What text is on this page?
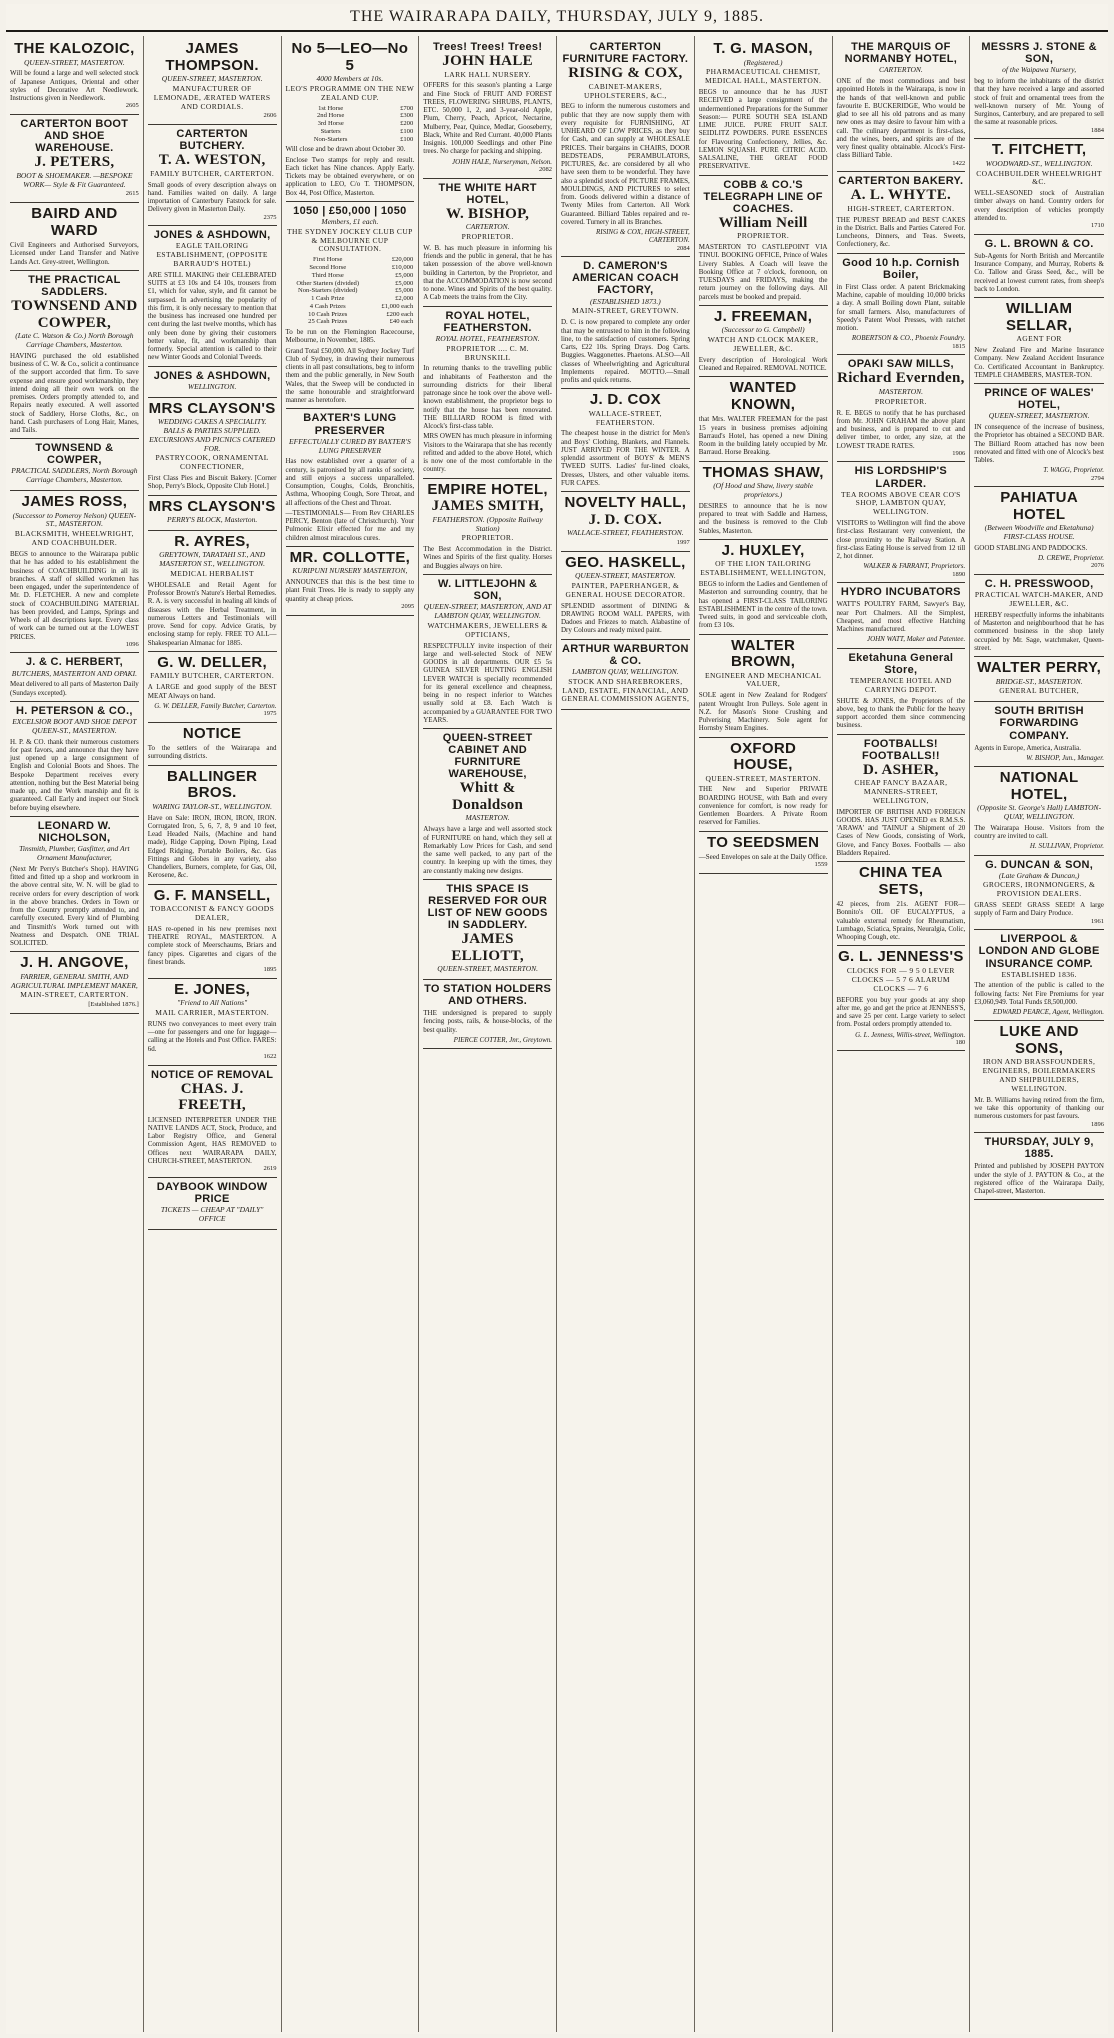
THE WAIRARAPA DAILY, THURSDAY, JULY 9, 1885.
THE KALOZOIC,
QUEEN-STREET, MASTERTON.
Will be found a large and well selected stock of Japanese Antiques, Oriental and other styles of Decorative Art Needlework. Instructions given in Needlework.
2605
CARTERTON BOOT AND SHOE WAREHOUSE.
J. PETERS,
BOOT & SHOEMAKER. —BESPOKE WORK— Style & Fit Guaranteed.
2615
BAIRD AND WARD
Civil Engineers and Authorised Surveyors, Licensed under Land Transfer and Native Lands Act. Grey-street, Wellington.
THE PRACTICAL SADDLERS.
TOWNSEND AND COWPER,
(Late C. Watson & Co.) North Borough Carriage Chambers, Masterton.
HAVING purchased the old established business of C. W. & Co., solicit a continuance of the support accorded that firm. To save expense and ensure good workmanship, they intend doing all their own work on the premises. Orders promptly attended to, and Repairs neatly executed. A well assorted stock of Saddlery, Horse Cloths, &c., on hand. Cash purchasers of Long Hair, Manes, and Tails.
TOWNSEND & COWPER,
PRACTICAL SADDLERS, North Borough Carriage Chambers, Masterton.
JAMES ROSS,
(Successor to Pomeroy Nelson) QUEEN-ST., MASTERTON.
BLACKSMITH, WHEELWRIGHT, AND COACHBUILDER.
BEGS to announce to the Wairarapa public that he has added to his establishment the business of COACHBUILDING in all its branches. A staff of skilled workmen has been engaged, under the superintendence of Mr. D. FLETCHER. A new and complete stock of COACHBUILDING MATERIAL has been provided, and Lamps, Springs and Wheels of all descriptions kept. Every class of work can be turned out at the LOWEST PRICES.
1096
J. & C. HERBERT,
BUTCHERS, MASTERTON AND OPAKI.
Meat delivered to all parts of Masterton Daily (Sundays excepted).
H. PETERSON & CO.,
EXCELSIOR BOOT AND SHOE DEPOT QUEEN-ST., MASTERTON.
H. P. & CO. thank their numerous customers for past favors, and announce that they have just opened up a large consignment of English and Colonial Boots and Shoes. The Bespoke Department receives every attention, nothing but the Best Material being made up, and the Work manship and fit is guaranteed. Call Early and inspect our Stock before buying elsewhere.
LEONARD W. NICHOLSON,
Tinsmith, Plumber, Gasfitter, and Art Ornament Manufacturer,
(Next Mr Perry's Butcher's Shop). HAVING fitted and fitted up a shop and workroom in the above central site, W. N. will be glad to receive orders for every description of work in the above branches. Orders in Town or from the Country promptly attended to, and carefully executed. Every kind of Plumbing and Tinsmith's Work turned out with Neatness and Despatch. ONE TRIAL SOLICITED.
J. H. ANGOVE,
FARRIER, GENERAL SMITH, AND AGRICULTURAL IMPLEMENT MAKER,
MAIN-STREET, CARTERTON.
[Established 1876.]
JAMES THOMPSON.
QUEEN-STREET, MASTERTON.
MANUFACTURER OF LEMONADE, ÆRATED WATERS AND CORDIALS.
2606
CARTERTON BUTCHERY.
T. A. WESTON,
FAMILY BUTCHER, CARTERTON.
Small goods of every description always on hand. Families waited on daily. A large importation of Canterbury Fatstock for sale. Delivery given in Masterton Daily.
2375
JONES & ASHDOWN,
EAGLE TAILORING ESTABLISHMENT, (OPPOSITE BARRAUD'S HOTEL)
ARE STILL MAKING their CELEBRATED SUITS at £3 10s and £4 10s, trousers from £1, which for value, style, and fit cannot be surpassed. In advertising the popularity of this firm, it is only necessary to mention that the business has increased one hundred per cent during the last twelve months, which has only been done by giving their customers better value, fit, and workmanship than formerly. Special attention is called to their new Winter Goods and Colonial Tweeds.
JONES & ASHDOWN,
WELLINGTON.
MRS CLAYSON'S
WEDDING CAKES A SPECIALITY. BALLS & PARTIES SUPPLIED. EXCURSIONS AND PICNICS CATERED FOR.
PASTRYCOOK, ORNAMENTAL CONFECTIONER,
First Class Pies and Biscuit Bakery. [Corner Shop, Perry's Block, Opposite Club Hotel.]
MRS CLAYSON'S
PERRY'S BLOCK, Masterton.
R. AYRES,
GREYTOWN, TARATAHI ST., AND MASTERTON ST., WELLINGTON.
MEDICAL HERBALIST
WHOLESALE and Retail Agent for Professor Brown's Nature's Herbal Remedies. R. A. is very successful in healing all kinds of diseases with the Herbal Treatment, in numerous Letters and Testimonials will prove. Send for copy. Advice Gratis, by enclosing stamp for reply. FREE TO ALL—Shakespearian Almanac for 1885.
G. W. DELLER,
FAMILY BUTCHER, CARTERTON.
A LARGE and good supply of the BEST MEAT Always on hand.
G. W. DELLER, Family Butcher, Carterton.
1975
NOTICE
To the settlers of the Wairarapa and surrounding districts.
BALLINGER BROS.
WARING TAYLOR-ST., WELLINGTON.
Have on Sale: IRON, IRON, IRON, IRON. Corrugated Iron, 5, 6, 7, 8, 9 and 10 feet, Lead Headed Nails, (Machine and hand made), Ridge Capping, Down Piping, Lead Edged Ridging, Portable Boilers, &c. Gas Fittings and Globes in any variety, also Chandeliers, Burners, complete, for Gas, Oil, Kerosene, &c.
G. F. MANSELL,
TOBACCONIST & FANCY GOODS DEALER,
HAS re-opened in his new premises next THEATRE ROYAL, MASTERTON. A complete stock of Meerschaums, Briars and fancy pipes. Cigarettes and cigars of the finest brands.
1895
E. JONES,
"Friend to All Nations"
MAIL CARRIER, MASTERTON.
RUNS two conveyances to meet every train—one for passengers and one for luggage—calling at the Hotels and Post Office. FARES: 6d.
1622
NOTICE OF REMOVAL
CHAS. J. FREETH,
LICENSED INTERPRETER UNDER THE NATIVE LANDS ACT, Stock, Produce, and Labor Registry Office, and General Commission Agent, HAS REMOVED to Offices next WAIRARAPA DAILY, CHURCH-STREET, MASTERTON.
2619
DAYBOOK WINDOW PRICE
TICKETS — CHEAP AT "DAILY" OFFICE
No 5—LEO—No 5
4000 Members at 10s.
LEO'S PROGRAMME ON THE NEW ZEALAND CUP.
1st Horse	£700
2nd Horse	£300
3rd Horse	£200
Starters	£100
Non-Starters	£100
Will close and be drawn about October 30.
Enclose Two stamps for reply and result. Each ticket has Nine chances. Apply Early. Tickets may be obtained everywhere, or on application to LEO, C/o T. THOMPSON, Box 44, Post Office, Masterton.
1050 | £50,000 | 1050
Members, £1 each.
THE SYDNEY JOCKEY CLUB CUP & MELBOURNE CUP CONSULTATION.
First Horse	£20,000
Second Horse	£10,000
Third Horse	£5,000
Other Starters (divided)	£5,000
Non-Starters (divided)	£5,000
1 Cash Prize	£2,000
4 Cash Prizes	£1,000 each
10 Cash Prizes	£200 each
25 Cash Prizes	£40 each
To be run on the Flemington Racecourse, Melbourne, in November, 1885.
Grand Total £50,000. All Sydney Jockey Turf Club of Sydney, in drawing their numerous clients in all past consultations, beg to inform them and the public generally, in New South Wales, that the Sweep will be conducted in the same honourable and straightforward manner as heretofore.
BAXTER'S LUNG PRESERVER
EFFECTUALLY CURED BY BAXTER'S LUNG PRESERVER
Has now established over a quarter of a century, is patronised by all ranks of society, and still enjoys a success unparalleled. Consumption, Coughs, Colds, Bronchitis, Asthma, Whooping Cough, Sore Throat, and all affections of the Chest and Throat.
—TESTIMONIALS— From Rev CHARLES PERCY, Benton (late of Christchurch). Your Pulmonic Elixir effected for me and my children almost miraculous cures.
MR. COLLOTTE,
KURIPUNI NURSERY MASTERTON,
ANNOUNCES that this is the best time to plant Fruit Trees. He is ready to supply any quantity at cheap prices.
2095
Trees! Trees! Trees!
JOHN HALE
LARK HALL NURSERY.
OFFERS for this season's planting a Large and Fine Stock of FRUIT AND FOREST TREES, FLOWERING SHRUBS, PLANTS, ETC. 50,000 1, 2, and 3-year-old Apple, Plum, Cherry, Peach, Apricot, Nectarine, Mulberry, Pear, Quince, Medlar, Gooseberry, Black, White and Red Currant. 40,000 Plants Insignis. 100,000 Seedlings and other Pine trees. No charge for packing and shipping.
JOHN HALE, Nurseryman, Nelson.
2082
THE WHITE HART HOTEL,
W. BISHOP,
CARTERTON.
PROPRIETOR.
W. B. has much pleasure in informing his friends and the public in general, that he has taken possession of the above well-known building in Carterton, by the Proprietor, and that the ACCOMMODATION is now second to none. Wines and Spirits of the best quality. A Cab meets the trains from the City.
ROYAL HOTEL, FEATHERSTON.
ROYAL HOTEL, FEATHERSTON.
PROPRIETOR .... C. M. BRUNSKILL
In returning thanks to the travelling public and inhabitants of Featherston and the surrounding districts for their liberal patronage since he took over the above well-known establishment, the proprietor begs to notify that the house has been renovated. THE BILLIARD ROOM is fitted with Alcock's first-class table.
MRS OWEN has much pleasure in informing Visitors to the Wairarapa that she has recently refitted and added to the above Hotel, which is now one of the most comfortable in the country.
EMPIRE HOTEL,
JAMES SMITH,
FEATHERSTON. (Opposite Railway Station)
PROPRIETOR.
The Best Accommodation in the District. Wines and Spirits of the first quality. Horses and Buggies always on hire.
W. LITTLEJOHN & SON,
QUEEN-STREET, MASTERTON, AND AT LAMBTON QUAY, WELLINGTON.
WATCHMAKERS, JEWELLERS & OPTICIANS,
RESPECTFULLY invite inspection of their large and well-selected Stock of NEW GOODS in all departments. OUR £5 5s GUINEA SILVER HUNTING ENGLISH LEVER WATCH is specially recommended for its general excellence and cheapness, being in no respect inferior to Watches usually sold at £8. Each Watch is accompanied by a GUARANTEE FOR TWO YEARS.
QUEEN-STREET CABINET AND FURNITURE WAREHOUSE,
Whitt & Donaldson
MASTERTON.
Always have a large and well assorted stock of FURNITURE on hand, which they sell at Remarkably Low Prices for Cash, and send the same well packed, to any part of the country. In keeping up with the times, they are constantly making new designs.
THIS SPACE IS RESERVED FOR OUR LIST OF NEW GOODS IN SADDLERY.
JAMES ELLIOTT,
QUEEN-STREET, MASTERTON.
TO STATION HOLDERS AND OTHERS.
THE undersigned is prepared to supply fencing posts, rails, & house-blocks, of the best quality.
PIERCE COTTER, Jnr., Greytown.
CARTERTON FURNITURE FACTORY.
RISING & COX,
CABINET-MAKERS, UPHOLSTERERS, &C.,
BEG to inform the numerous customers and public that they are now supply them with every requisite for FURNISHING, AT UNHEARD OF LOW PRICES, as they buy for Cash, and can supply at WHOLESALE PRICES. Their bargains in CHAIRS, DOOR BEDSTEADS, PERAMBULATORS, PICTURES, &c. are considered by all who have seen them to be wonderful. They have also a splendid stock of PICTURE FRAMES, MOULDINGS, AND PICTURES to select from. Goods delivered within a distance of Twenty Miles from Carterton. All Work Guaranteed. Billiard Tables repaired and re-covered. Turnery in all its Branches.
RISING & COX, HIGH-STREET, CARTERTON.
2084
D. CAMERON'S AMERICAN COACH FACTORY,
(ESTABLISHED 1873.)
MAIN-STREET, GREYTOWN.
D. C. is now prepared to complete any order that may be entrusted to him in the following line, to the satisfaction of customers. Spring Carts, £22 10s. Spring Drays. Dog Carts. Buggies. Waggonettes. Phaetons. ALSO—All classes of Wheelwrighting and Agricultural Implements repaired. MOTTO.—Small profits and quick returns.
J. D. COX
WALLACE-STREET, FEATHERSTON.
The cheapest house in the district for Men's and Boys' Clothing, Blankets, and Flannels. JUST ARRIVED FOR THE WINTER. A splendid assortment of BOYS' & MEN'S TWEED SUITS. Ladies' fur-lined cloaks, Dresses, Ulsters, and other valuable items. FUR CAPES.
NOVELTY HALL,
J. D. COX.
WALLACE-STREET, FEATHERSTON.
1997
GEO. HASKELL,
QUEEN-STREET, MASTERTON.
PAINTER, PAPERHANGER, & GENERAL HOUSE DECORATOR.
SPLENDID assortment of DINING & DRAWING ROOM WALL PAPERS, with Dadoes and Friezes to match. Alabastine of Dry Colours and ready mixed paint.
ARTHUR WARBURTON & CO.
LAMBTON QUAY, WELLINGTON.
STOCK AND SHAREBROKERS, LAND, ESTATE, FINANCIAL, AND GENERAL COMMISSION AGENTS,
T. G. MASON,
(Registered.)
PHARMACEUTICAL CHEMIST, MEDICAL HALL, MASTERTON.
BEGS to announce that he has JUST RECEIVED a large consignment of the undermentioned Preparations for the Summer Season:— PURE SOUTH SEA ISLAND LIME JUICE. PURE FRUIT SALT. SEIDLITZ POWDERS. PURE ESSENCES for Flavouring Confectionery, Jellies, &c. LEMON SQUASH. PURE CITRIC ACID. SALSALINE, THE GREAT FOOD PRESERVATIVE.
COBB & CO.'S TELEGRAPH LINE OF COACHES.
William Neill
PROPRIETOR.
MASTERTON TO CASTLEPOINT VIA TINUI. BOOKING OFFICE, Prince of Wales Livery Stables. A Coach will leave the Booking Office at 7 o'clock, forenoon, on TUESDAYS and FRIDAYS, making the return journey on the following days. All parcels must be booked and prepaid.
J. FREEMAN,
(Successor to G. Campbell)
WATCH AND CLOCK MAKER, JEWELLER, &C.
Every description of Horological Work Cleaned and Repaired. REMOVAL NOTICE.
WANTED KNOWN,
that Mrs. WALTER FREEMAN for the past 15 years in business premises adjoining Barraud's Hotel, has opened a new Dining Room in the building lately occupied by Mr. Barraud. Horse Breaking.
THOMAS SHAW,
(Of Hood and Shaw, livery stable proprietors.)
DESIRES to announce that he is now prepared to treat with Saddle and Harness, and the business is removed to the Club Stables, Masterton.
J. HUXLEY,
OF THE LION TAILORING ESTABLISHMENT, WELLINGTON,
BEGS to inform the Ladies and Gentlemen of Masterton and surrounding country, that he has opened a FIRST-CLASS TAILORING ESTABLISHMENT in the centre of the town. Tweed suits, in good and serviceable cloth, from £3 10s.
WALTER BROWN,
ENGINEER AND MECHANICAL VALUER,
SOLE agent in New Zealand for Rodgers' patent Wrought Iron Pulleys. Sole agent in N.Z. for Mason's Stone Crushing and Pulverising Machinery. Sole agent for Hornsby Steam Engines.
OXFORD HOUSE,
QUEEN-STREET, MASTERTON.
THE New and Superior PRIVATE BOARDING HOUSE, with Bath and every convenience for comfort, is now ready for Gentlemen Boarders. A Private Room reserved for Families.
TO SEEDSMEN
—Seed Envelopes on sale at the Daily Office.
1559
THE MARQUIS OF NORMANBY HOTEL,
CARTERTON.
ONE of the most commodious and best appointed Hotels in the Wairarapa, is now in the hands of that well-known and public favourite E. BUCKERIDGE, Who would be glad to see all his old patrons and as many new ones as may desire to favour him with a call. The culinary department is first-class, and the wines, beers, and spirits are of the very finest quality obtainable. Alcock's First-class Billiard Table.
1422
CARTERTON BAKERY.
A. L. WHYTE.
HIGH-STREET, CARTERTON.
THE PUREST BREAD and BEST CAKES in the District. Balls and Parties Catered For. Luncheons, Dinners, and Teas. Sweets, Confectionery, &c.
Good 10 h.p. Cornish Boiler,
in First Class order. A patent Brickmaking Machine, capable of moulding 10,000 bricks a day. A small Boiling down Plant, suitable for small farmers. Also, manufacturers of Speedy's Patent Wool Presses, with ratchet motion.
ROBERTSON & CO., Phoenix Foundry.
1815
OPAKI SAW MILLS,
Richard Evernden,
MASTERTON.
PROPRIETOR.
R. E. BEGS to notify that he has purchased from Mr. JOHN GRAHAM the above plant and business, and is prepared to cut and deliver timber, to order, any size, at the LOWEST TRADE RATES.
1906
HIS LORDSHIP'S LARDER.
TEA ROOMS ABOVE CEAR CO'S SHOP, LAMBTON QUAY, WELLINGTON.
VISITORS to Wellington will find the above first-class Restaurant very convenient, the close proximity to the Railway Station. A first-class Eating House is served from 12 till 2, hot dinner.
WALKER & FARRANT, Proprietors.
1890
HYDRO INCUBATORS
WATT'S POULTRY FARM, Sawyer's Bay, near Port Chalmers. All the Simplest, Cheapest, and most effective Hatching Machines manufactured.
JOHN WATT, Maker and Patentee.
Eketahuna General Store,
TEMPERANCE HOTEL AND CARRYING DEPOT.
SHUTE & JONES, the Proprietors of the above, beg to thank the Public for the heavy support accorded them since commencing business.
FOOTBALLS! FOOTBALLS!!
D. ASHER,
CHEAP FANCY BAZAAR, MANNERS-STREET, WELLINGTON,
IMPORTER OF BRITISH AND FOREIGN GOODS. HAS JUST OPENED ex R.M.S.S. 'ARAWA' and 'TAINUI' a Shipment of 20 Cases of New Goods, consisting of Work, Glove, and Fancy Boxes. Footballs — also Bladders Repaired.
CHINA TEA SETS,
42 pieces, from 21s. AGENT FOR—Bonnito's OIL OF EUCALYPTUS, a valuable external remedy for Rheumatism, Lumbago, Sciatica, Sprains, Neuralgia, Colic, Whooping Cough, etc.
G. L. JENNESS'S
CLOCKS FOR — 9 5 0 LEVER CLOCKS — 5 7 6 ALARUM CLOCKS — 7 6
BEFORE you buy your goods at any shop after me, go and get the price at JENNESS'S, and save 25 per cent. Large variety to select from. Postal orders promptly attended to.
G. L. Jenness, Willis-street, Wellington.
180
MESSRS J. STONE & SON,
of the Waipawa Nursery,
beg to inform the inhabitants of the district that they have received a large and assorted stock of fruit and ornamental trees from the well-known nursery of Mr. Young of Surginos, Canterbury, and are prepared to sell the same at reasonable prices.
1884
T. FITCHETT,
WOODWARD-ST., WELLINGTON.
COACHBUILDER WHEELWRIGHT &C.
WELL-SEASONED stock of Australian timber always on hand. Country orders for every description of vehicles promptly attended to.
1710
G. L. BROWN & CO.
Sub-Agents for North British and Mercantile Insurance Company, and Murray, Roberts & Co. Tallow and Grass Seed, &c., will be received at lowest current rates, from sheep's back to London.
WILLIAM SELLAR,
AGENT FOR
New Zealand Fire and Marine Insurance Company. New Zealand Accident Insurance Co. Certificated Accountant in Bankruptcy. TEMPLE CHAMBERS, MASTER-TON.
PRINCE OF WALES' HOTEL,
QUEEN-STREET, MASTERTON.
IN consequence of the increase of business, the Proprietor has obtained a SECOND BAR. The Billiard Room attached has now been renovated and fitted with one of Alcock's best Tables.
T. WAGG, Proprietor.
2794
PAHIATUA HOTEL
(Between Woodville and Eketahuna) FIRST-CLASS HOUSE.
GOOD STABLING AND PADDOCKS.
D. CREWE, Proprietor.
2076
C. H. PRESSWOOD,
PRACTICAL WATCH-MAKER, AND JEWELLER, &C.
HEREBY respectfully informs the inhabitants of Masterton and neighbourhood that he has commenced business in the shop lately occupied by Mr. Sage, watchmaker, Queen-street.
WALTER PERRY,
BRIDGE-ST., MASTERTON.
GENERAL BUTCHER,
SOUTH BRITISH FORWARDING COMPANY.
Agents in Europe, America, Australia.
W. BISHOP, Jun., Manager.
NATIONAL HOTEL,
(Opposite St. George's Hall) LAMBTON-QUAY, WELLINGTON.
The Wairarapa House. Visitors from the country are invited to call.
H. SULLIVAN, Proprietor.
G. DUNCAN & SON,
(Late Graham & Duncan,)
GROCERS, IRONMONGERS, & PROVISION DEALERS.
GRASS SEED! GRASS SEED! A large supply of Farm and Dairy Produce.
1961
LIVERPOOL & LONDON AND GLOBE INSURANCE COMP.
ESTABLISHED 1836.
The attention of the public is called to the following facts: Net Fire Premiums for year £3,060,949. Total Funds £8,500,000.
EDWARD PEARCE, Agent, Wellington.
LUKE AND SONS,
IRON AND BRASSFOUNDERS, ENGINEERS, BOILERMAKERS AND SHIPBUILDERS, WELLINGTON.
Mr. B. Williams having retired from the firm, we take this opportunity of thanking our numerous customers for past favours.
1896
THURSDAY, JULY 9, 1885.
Printed and published by JOSEPH PAYTON under the style of J. PAYTON & Co., at the registered office of the Wairarapa Daily, Chapel-street, Masterton.
